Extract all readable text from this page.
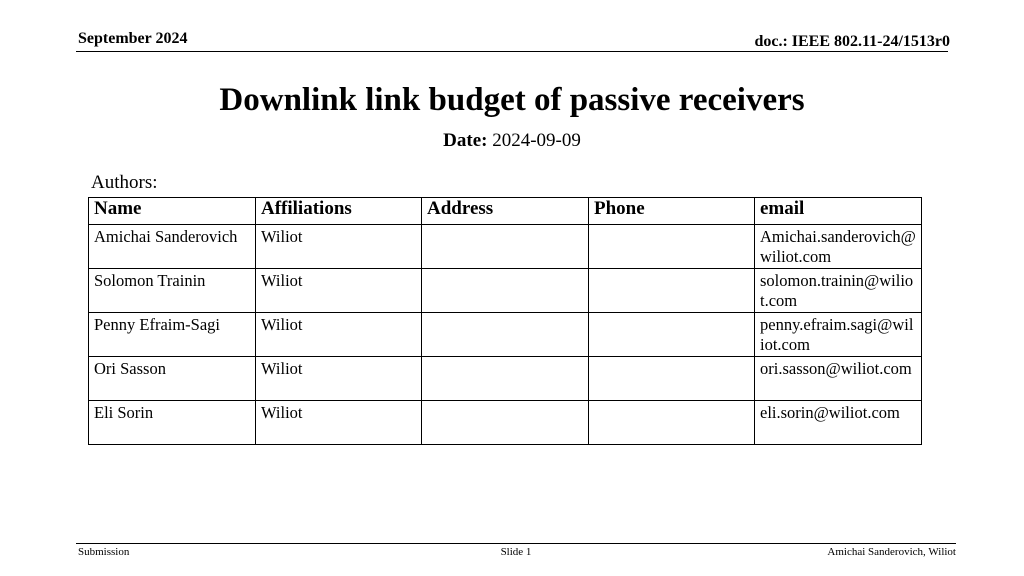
September 2024	doc.: IEEE 802.11-24/1513r0
Downlink link budget of passive receivers
Date: 2024-09-09
Authors:
Name	Affiliations	Address	Phone	email
Amichai Sanderovich	Wiliot			Amichai.sanderovich@wiliot.com
Solomon Trainin	Wiliot			solomon.trainin@wiliot.com
Penny Efraim-Sagi	Wiliot			penny.efraim.sagi@wiliot.com
Ori Sasson	Wiliot			ori.sasson@wiliot.com
Eli Sorin	Wiliot			eli.sorin@wiliot.com
Submission	Slide 1	Amichai Sanderovich, Wiliot
